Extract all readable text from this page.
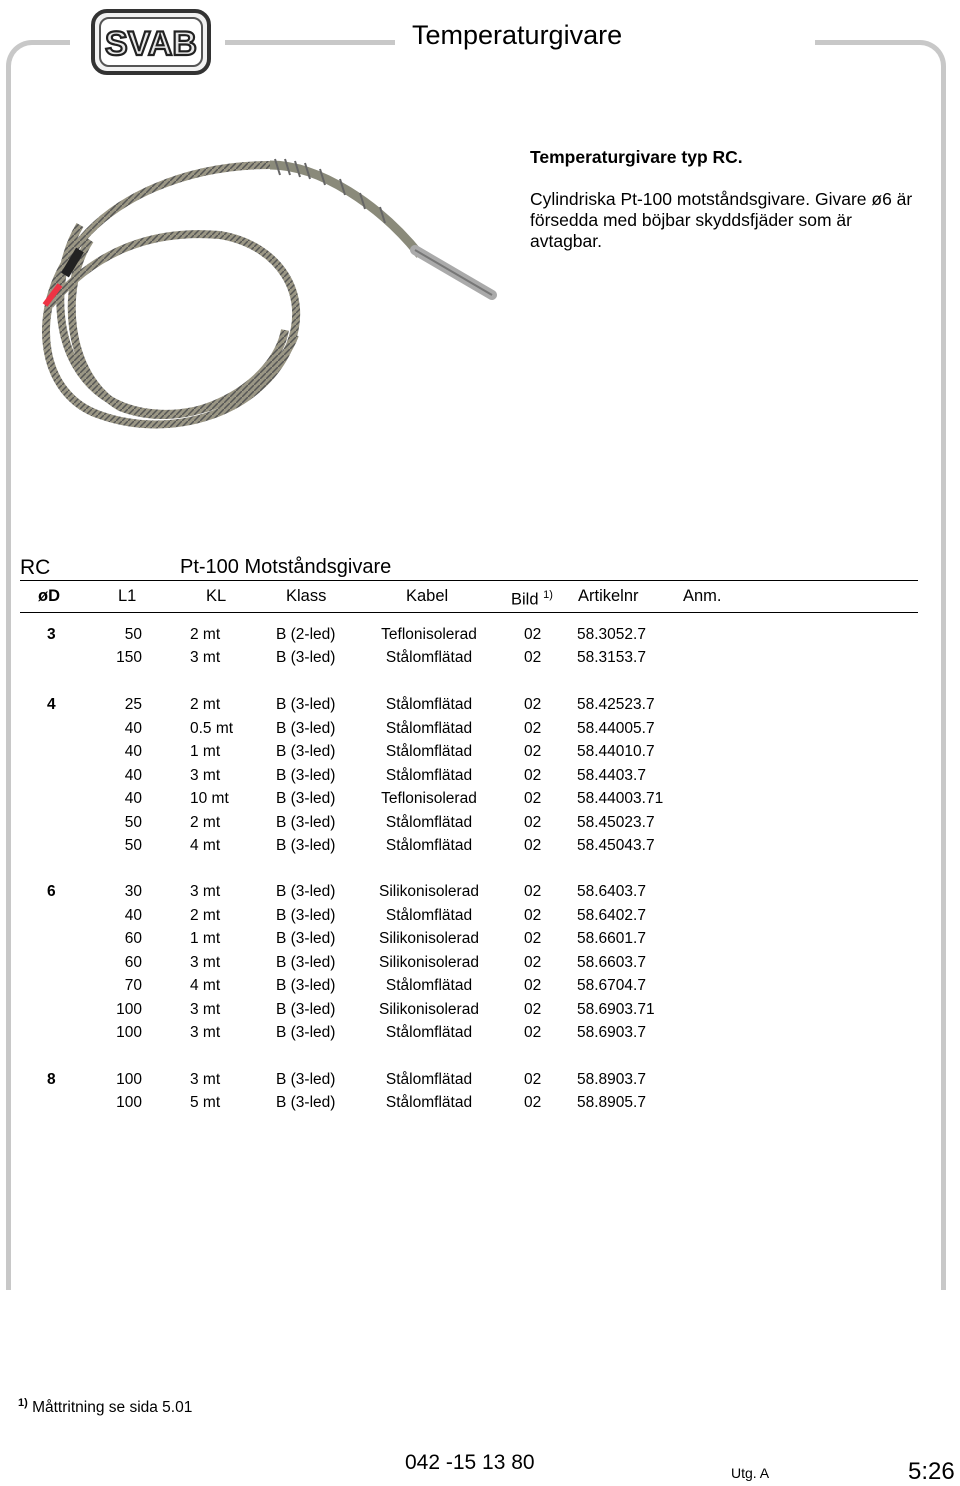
SVAB	Temperaturgivare
Temperaturgivare typ RC.
Cylindriska Pt-100 motståndsgivare. Givare ø6 är försedda med böjbar skyddsfjäder som är avtagbar.
RC	Pt-100 Motståndsgivare
øD	L1	KL	Klass	Kabel	Bild $^{1)}$ Artikelnr	Anm.
3	50	2 mt	B (2-led)	Teflonisolerad	02 58.3052.7
150	3 mt	B (3-led)	Stålomflätad	02 58.3153.7
4	25	2 mt	B (3-led)	Stålomflätad	02 58.42523.7
40	0.5 mt	B (3-led)	Stålomflätad	02 58.44005.7
40	1 mt	B (3-led)	Stålomflätad	02 58.44010.7
40	3 mt	B (3-led)	Stålomflätad	02 58.4403.7
40	10 mt	B (3-led)	Teflonisolerad	02 58.44003.71
50	2 mt	B (3-led)	Stålomflätad	02 58.45023.7
50	4 mt	B (3-led)	Stålomflätad	02 58.45043.7
6	30	3 mt	B (3-led)	Silikonisolerad	02 58.6403.7
40	2 mt	B (3-led)	Stålomflätad	02 58.6402.7
60	1 mt	B (3-led)	Silikonisolerad	02 58.6601.7
60	3 mt	B (3-led)	Silikonisolerad	02 58.6603.7
70	4 mt	B (3-led)	Stålomflätad	02 58.6704.7
100	3 mt	B (3-led)	Silikonisolerad	02 58.6903.71
100	3 mt	B (3-led)	Stålomflätad	02 58.6903.7
8	100	3 mt	B (3-led)	Stålomflätad	02 58.8903.7
100	5 mt	B (3-led)	Stålomflätad	02 58.8905.7
$^{1)}$ Måttritning se sida 5.01
042 -15 13 80	Utg. A	5:26
